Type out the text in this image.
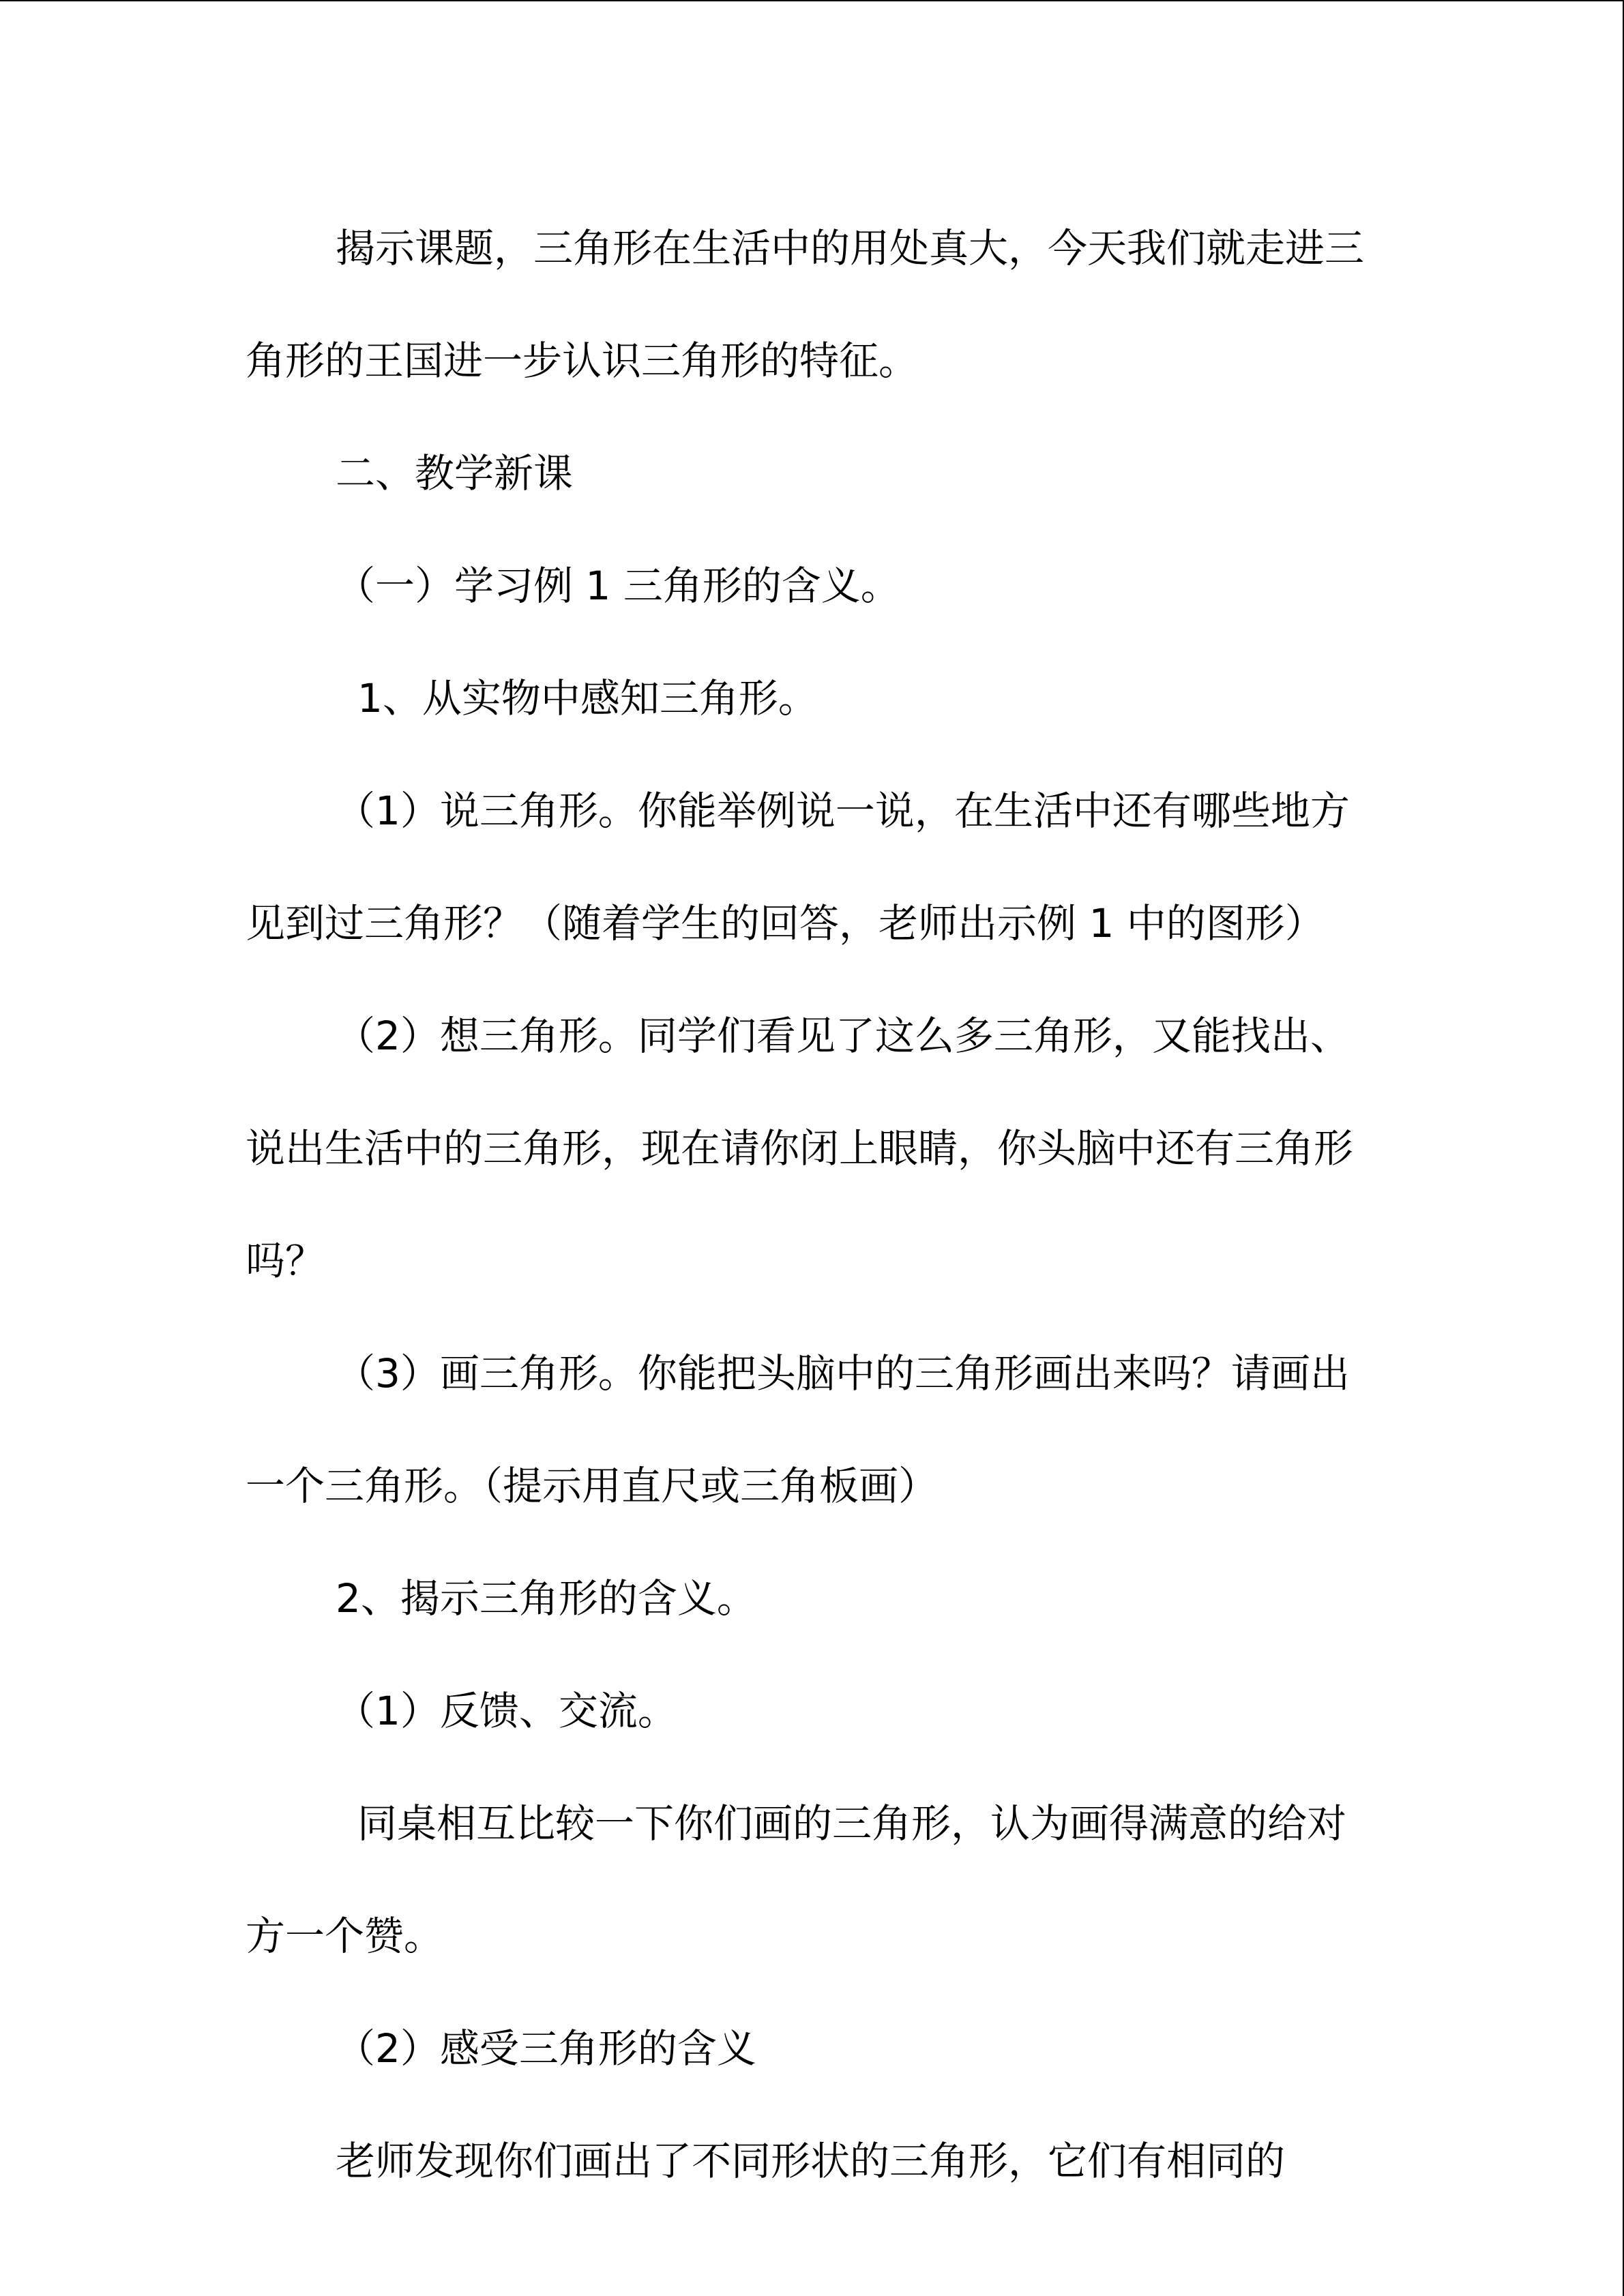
揭示课题，三角形在生活中的用处真大，今天我们就走进三角形的王国进一步认识三角形的特征。

二、教学新课

（一）学习例 1 三角形的含义。

1、从实物中感知三角形。

（1）说三角形。你能举例说一说，在生活中还有哪些地方见到过三角形？（随着学生的回答，老师出示例 1 中的图形）

（2）想三角形。同学们看见了这么多三角形，又能找出、说出生活中的三角形，现在请你闭上眼睛，你头脑中还有三角形吗？

（3）画三角形。你能把头脑中的三角形画出来吗？请画出一个三角形。（提示用直尺或三角板画）

2、揭示三角形的含义。

（1）反馈、交流。

同桌相互比较一下你们画的三角形，认为画得满意的给对方一个赞。

（2）感受三角形的含义

老师发现你们画出了不同形状的三角形，它们有相同的
